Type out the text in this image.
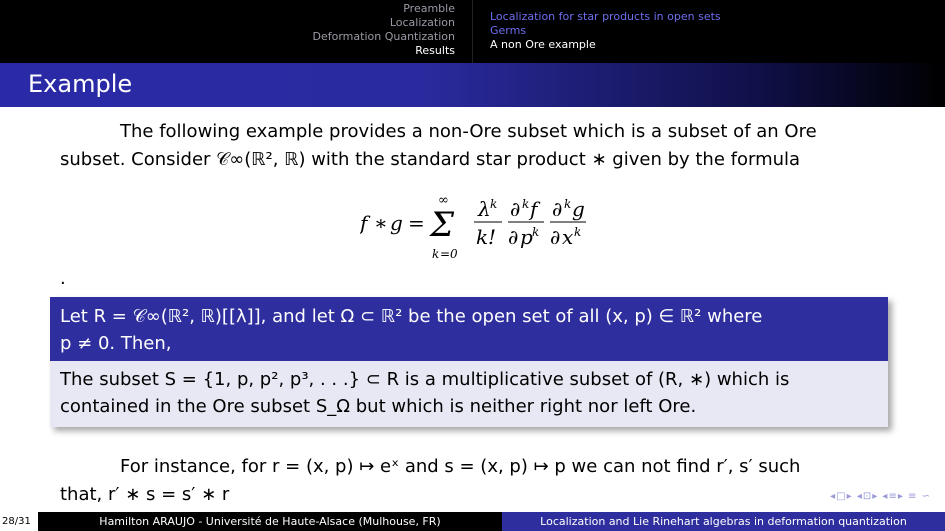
Preamble
Localization
Deformation Quantization
Results
Localization for star products in open sets
Germs
A non Ore example
Example
The following example provides a non-Ore subset which is a subset of an Ore
subset. Consider 𝒞∞(ℝ², ℝ) with the standard star product ∗ given by the formula
f ∗ g =
∞
Σ
k =0
λ k
k !
∂ k f
∂ p k
∂ k g
∂ x k
.
Let R = 𝒞∞(ℝ², ℝ)[[λ]], and let Ω ⊂ ℝ² be the open set of all (x, p) ∈ ℝ² where
p ≠ 0. Then,
The subset S = {1, p, p², p³, . . .} ⊂ R is a multiplicative subset of (R, ∗) which is
contained in the Ore subset S_Ω but which is neither right nor left Ore.
For instance, for r = (x, p) ↦ eˣ and s = (x, p) ↦ p we can not find r′, s′ such
that, r′ ∗ s = s′ ∗ r	◂□▸ ◂⊡▸ ◂≡▸ ≡ ∽
28/31	Hamilton ARAUJO - Université de Haute-Alsace (Mulhouse, FR)	Localization and Lie Rinehart algebras in deformation quantization
